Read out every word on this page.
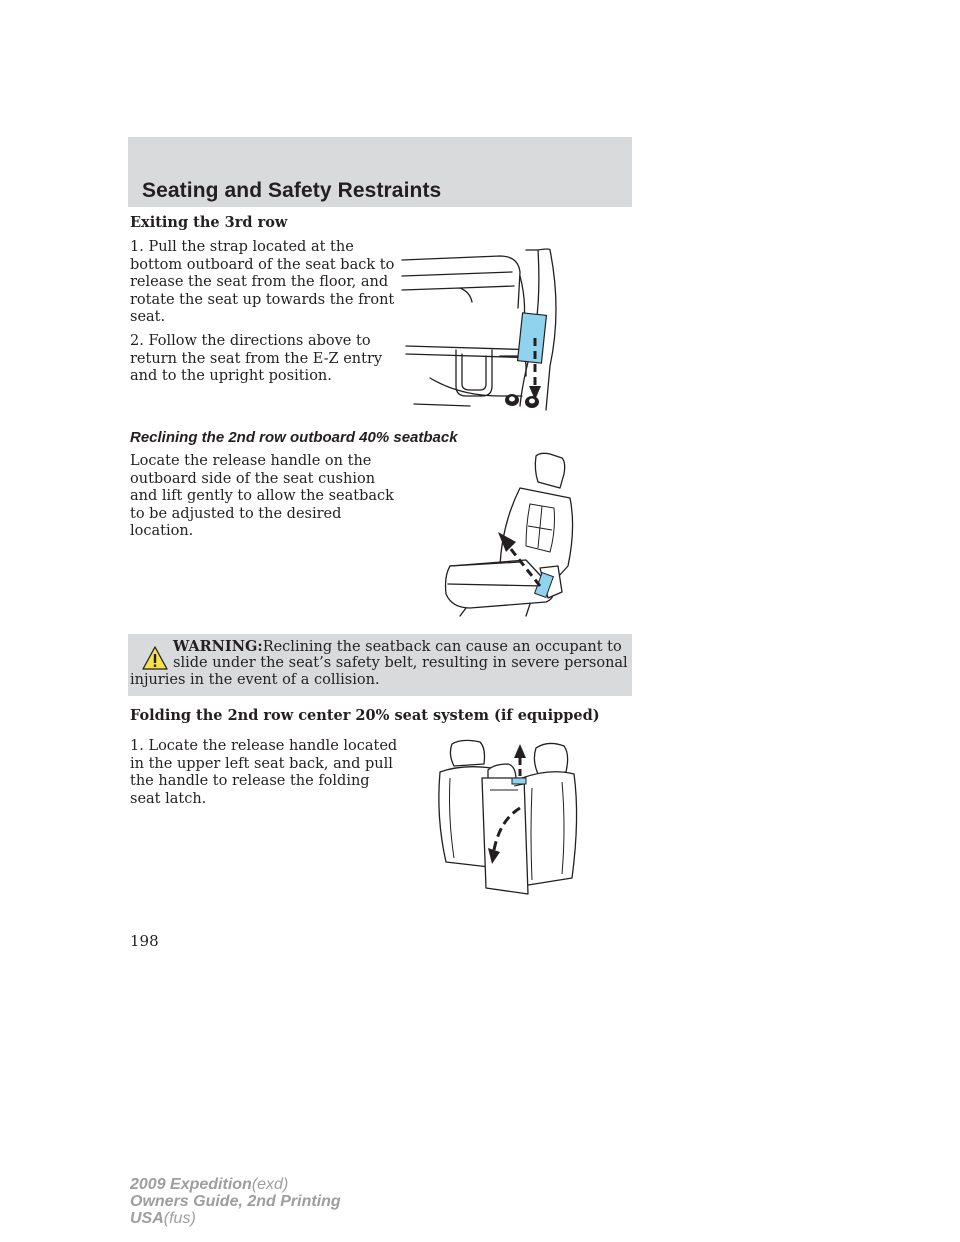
Seating and Safety Restraints
Exiting the 3rd row
1. Pull the strap located at the
bottom outboard of the seat back to
release the seat from the floor, and
rotate the seat up towards the front
seat.
2. Follow the directions above to
return the seat from the E-Z entry
and to the upright position.
Reclining the 2nd row outboard 40% seatback
Locate the release handle on the
outboard side of the seat cushion
and lift gently to allow the seatback
to be adjusted to the desired
location.
WARNING:Reclining the seatback can cause an occupant to
slide under the seat’s safety belt, resulting in severe personal
injuries in the event of a collision.
Folding the 2nd row center 20% seat system (if equipped)
1. Locate the release handle located
in the upper left seat back, and pull
the handle to release the folding
seat latch.
198
2009 Expedition(exd)
Owners Guide, 2nd Printing
USA(fus)
